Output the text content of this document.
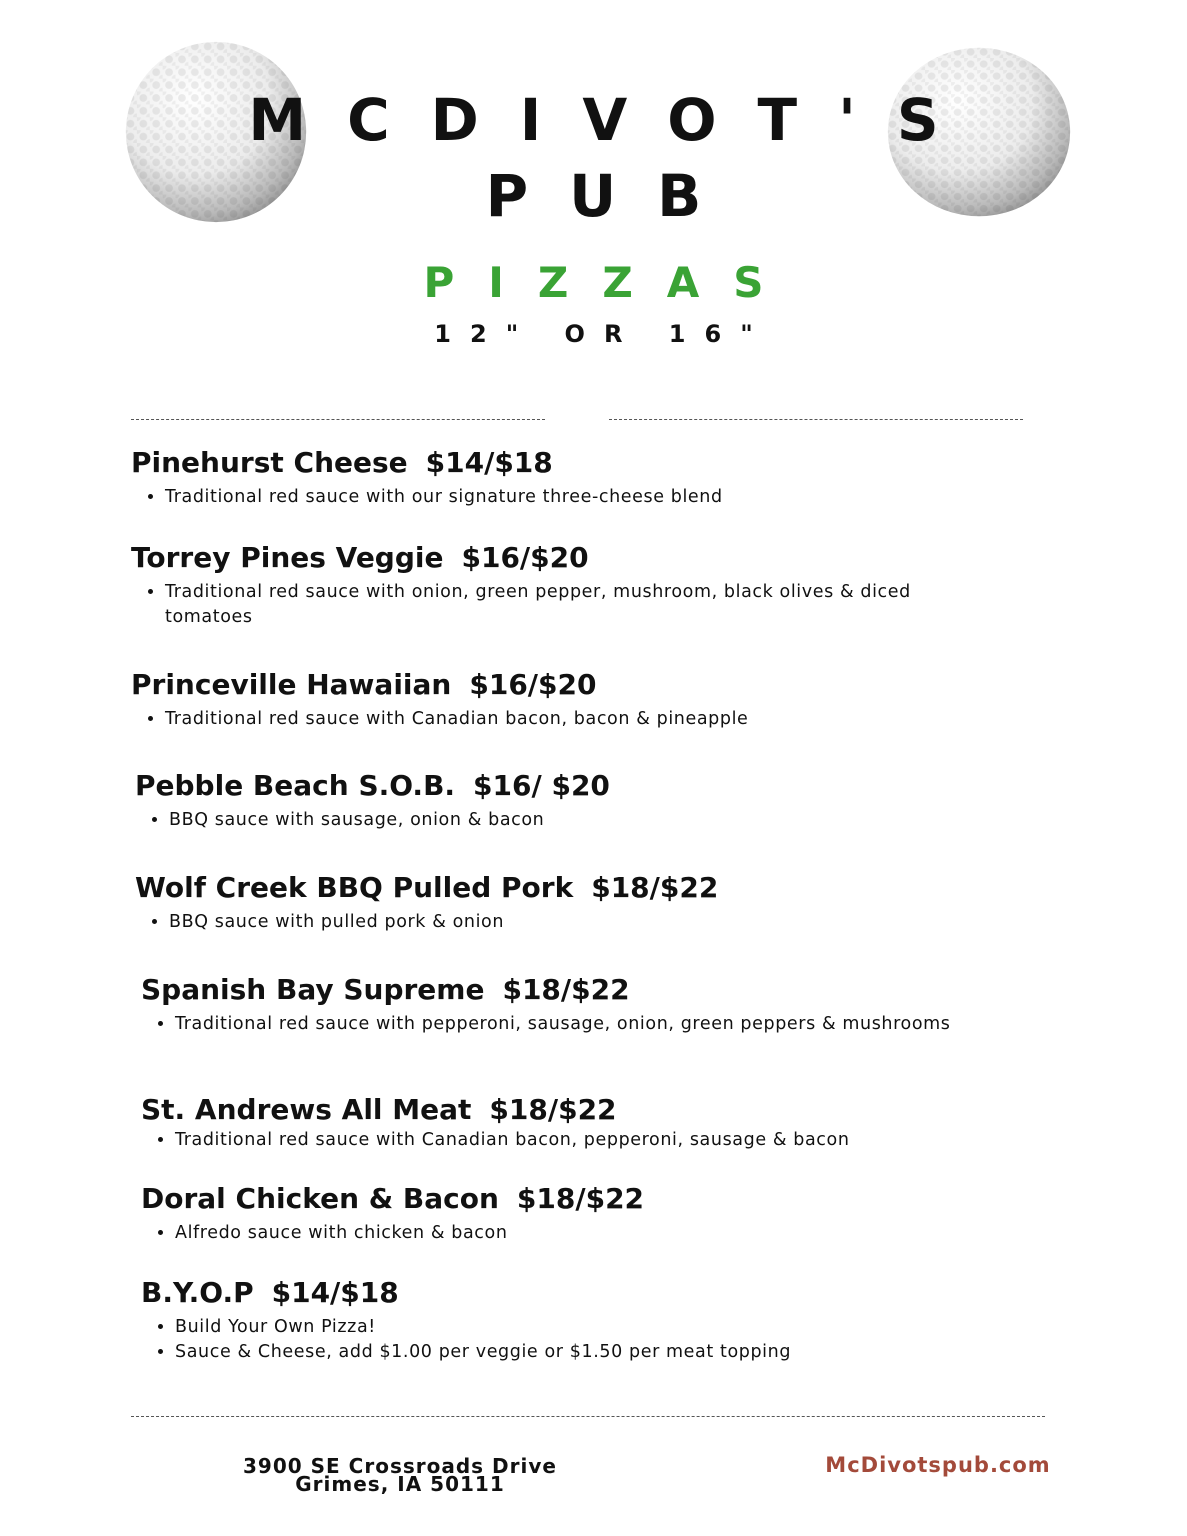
MCDIVOT'S
PUB
PIZZAS
12" OR 16"
Pinehurst Cheese $14/$18
• Traditional red sauce with our signature three-cheese blend
Torrey Pines Veggie $16/$20
• Traditional red sauce with onion, green pepper, mushroom, black olives & diced tomatoes
Princeville Hawaiian $16/$20
• Traditional red sauce with Canadian bacon, bacon & pineapple
Pebble Beach S.O.B. $16/ $20
• BBQ sauce with sausage, onion & bacon
Wolf Creek BBQ Pulled Pork $18/$22
• BBQ sauce with pulled pork & onion
Spanish Bay Supreme $18/$22
• Traditional red sauce with pepperoni, sausage, onion, green peppers & mushrooms
St. Andrews All Meat $18/$22
• Traditional red sauce with Canadian bacon, pepperoni, sausage & bacon
Doral Chicken & Bacon $18/$22
• Alfredo sauce with chicken & bacon
B.Y.O.P $14/$18
• Build Your Own Pizza!
• Sauce & Cheese, add $1.00 per veggie or $1.50 per meat topping
3900 SE Crossroads Drive
Grimes, IA 50111
McDivotspub.com
